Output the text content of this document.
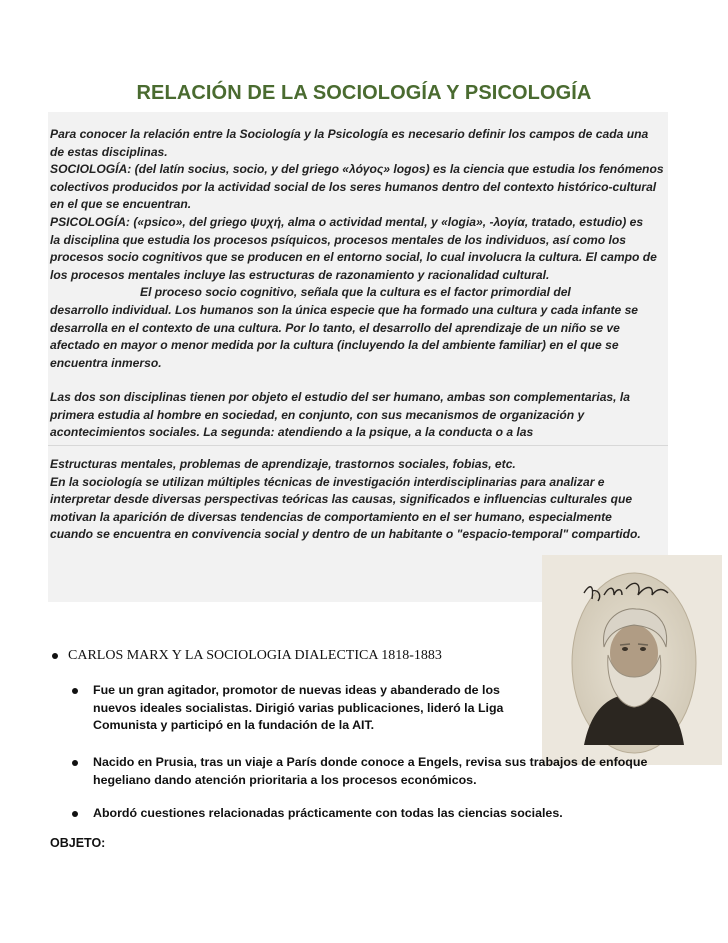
RELACIÓN DE LA SOCIOLOGÍA Y PSICOLOGÍA

Para conocer la relación entre la Sociología y la Psicología es necesario definir los campos de cada una

de estas disciplinas.

SOCIOLOGÍA: (del latín socius, socio, y del griego «λόγος» logos) es la ciencia que estudia los fenómenos

colectivos producidos por la actividad social de los seres humanos dentro del contexto histórico-cultural

en el que se encuentran.

PSICOLOGÍA: («psico», del griego ψυχή, alma o actividad mental, y «logia», -λογία, tratado, estudio) es

la disciplina que estudia los procesos psíquicos, procesos mentales de los individuos, así como los

procesos socio cognitivos que se producen en el entorno social, lo cual involucra la cultura. El campo de

los procesos mentales incluye las estructuras de razonamiento y racionalidad cultural.

El proceso socio cognitivo, señala que la cultura es el factor primordial del

desarrollo individual. Los humanos son la única especie que ha formado una cultura y cada infante se

desarrolla en el contexto de una cultura. Por lo tanto, el desarrollo del aprendizaje de un niño se ve

afectado en mayor o menor medida por la cultura (incluyendo la del ambiente familiar) en el que se

encuentra inmerso.

Las dos son disciplinas tienen por objeto el estudio del ser humano, ambas son complementarias, la

primera estudia al hombre en sociedad, en conjunto, con sus mecanismos de organización y

acontecimientos sociales. La segunda: atendiendo a la psique, a la conducta o a las

Estructuras mentales, problemas de aprendizaje, trastornos sociales, fobias, etc.

En la sociología se utilizan múltiples técnicas de investigación interdisciplinarias para analizar e

interpretar desde diversas perspectivas teóricas las causas, significados e influencias culturales que

motivan la aparición de diversas tendencias de comportamiento en el ser humano, especialmente

cuando se encuentra en convivencia social y dentro de un habitante o "espacio-temporal" compartido.

CARLOS MARX Y LA SOCIOLOGIA DIALECTICA 1818-1883
Fue un gran agitador, promotor de nuevas ideas y abanderado de los
nuevos ideales socialistas. Dirigió varias publicaciones, lideró la Liga
Comunista y participó en la fundación de la AIT.
Nacido en Prusia, tras un viaje a París donde conoce a Engels, revisa sus trabajos de enfoque
hegeliano dando atención prioritaria a los procesos económicos.
Abordó cuestiones relacionadas prácticamente con todas las ciencias sociales.
OBJETO:
